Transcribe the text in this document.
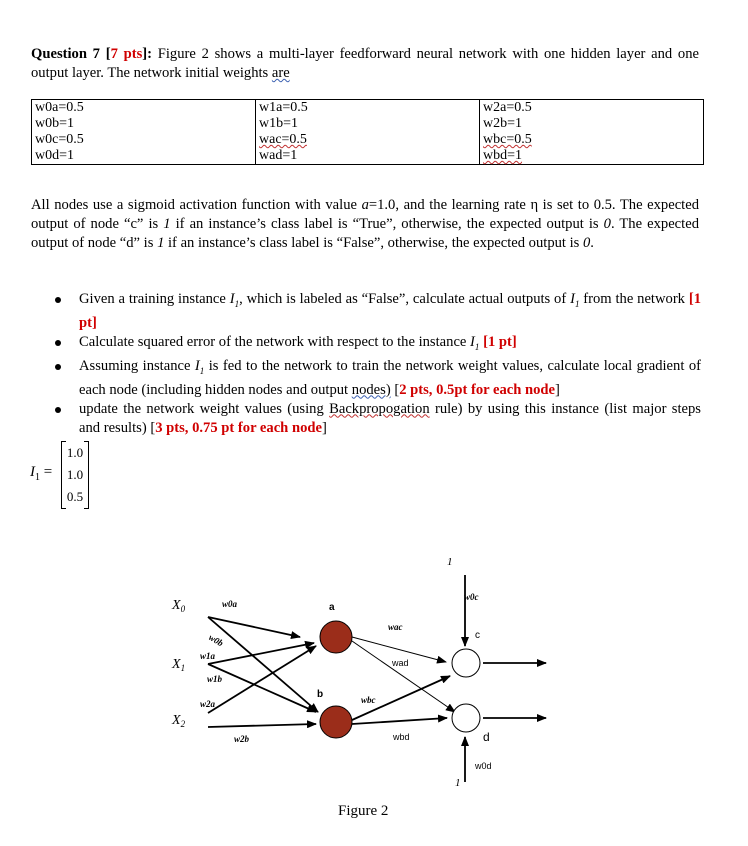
Question 7 [7 pts]: Figure 2 shows a multi-layer feedforward neural network with one hidden layer and one output layer. The network initial weights are
w0a=0.5	w1a=0.5	w2a=0.5
w0b=1	w1b=1	w2b=1
w0c=0.5	wac=0.5	wbc=0.5
w0d=1	wad=1	wbd=1
All nodes use a sigmoid activation function with value a=1.0, and the learning rate η is set to 0.5. The expected output of node “c” is 1 if an instance’s class label is “True”, otherwise, the expected output is 0. The expected output of node “d” is 1 if an instance’s class label is “False”, otherwise, the expected output is 0.
Given a training instance $I_1$, which is labeled as “False”, calculate actual outputs of $I_1$ from the network [1 pt]
Calculate squared error of the network with respect to the instance $I_1$ [1 pt]
Assuming instance $I_1$ is fed to the network to train the network weight values, calculate local gradient of each node (including hidden nodes and output nodes) [2 pts, 0.5pt for each node]
update the network weight values (using Backpropogation rule) by using this instance (list major steps and results) [3 pts, 0.75 pt for each node]
$I_1$ =
1.0
1.0
0.5
$X_0$
$X_1$
$X_2$
a
b
c
d
w0a
w0b
w1a
w1b
w2a
w2b
wac
wbc
w0c
wad
wbd
w0d
1
1
Figure 2
